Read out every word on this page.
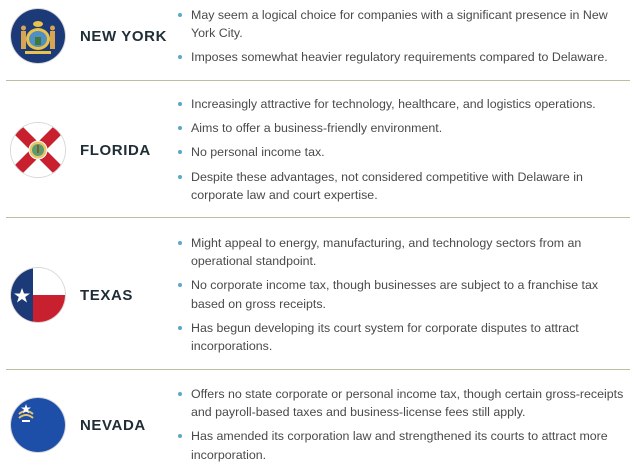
NEW YORK
May seem a logical choice for companies with a significant presence in New York City.
Imposes somewhat heavier regulatory requirements compared to Delaware.
FLORIDA
Increasingly attractive for technology, healthcare, and logistics operations.
Aims to offer a business-friendly environment.
No personal income tax.
Despite these advantages, not considered competitive with Delaware in corporate law and court expertise.
TEXAS
Might appeal to energy, manufacturing, and technology sectors from an operational standpoint.
No corporate income tax, though businesses are subject to a franchise tax based on gross receipts.
Has begun developing its court system for corporate disputes to attract incorporations.
NEVADA
Offers no state corporate or personal income tax, though certain gross-receipts and payroll-based taxes and business-license fees still apply.
Has amended its corporation law and strengthened its courts to attract more incorporation.
